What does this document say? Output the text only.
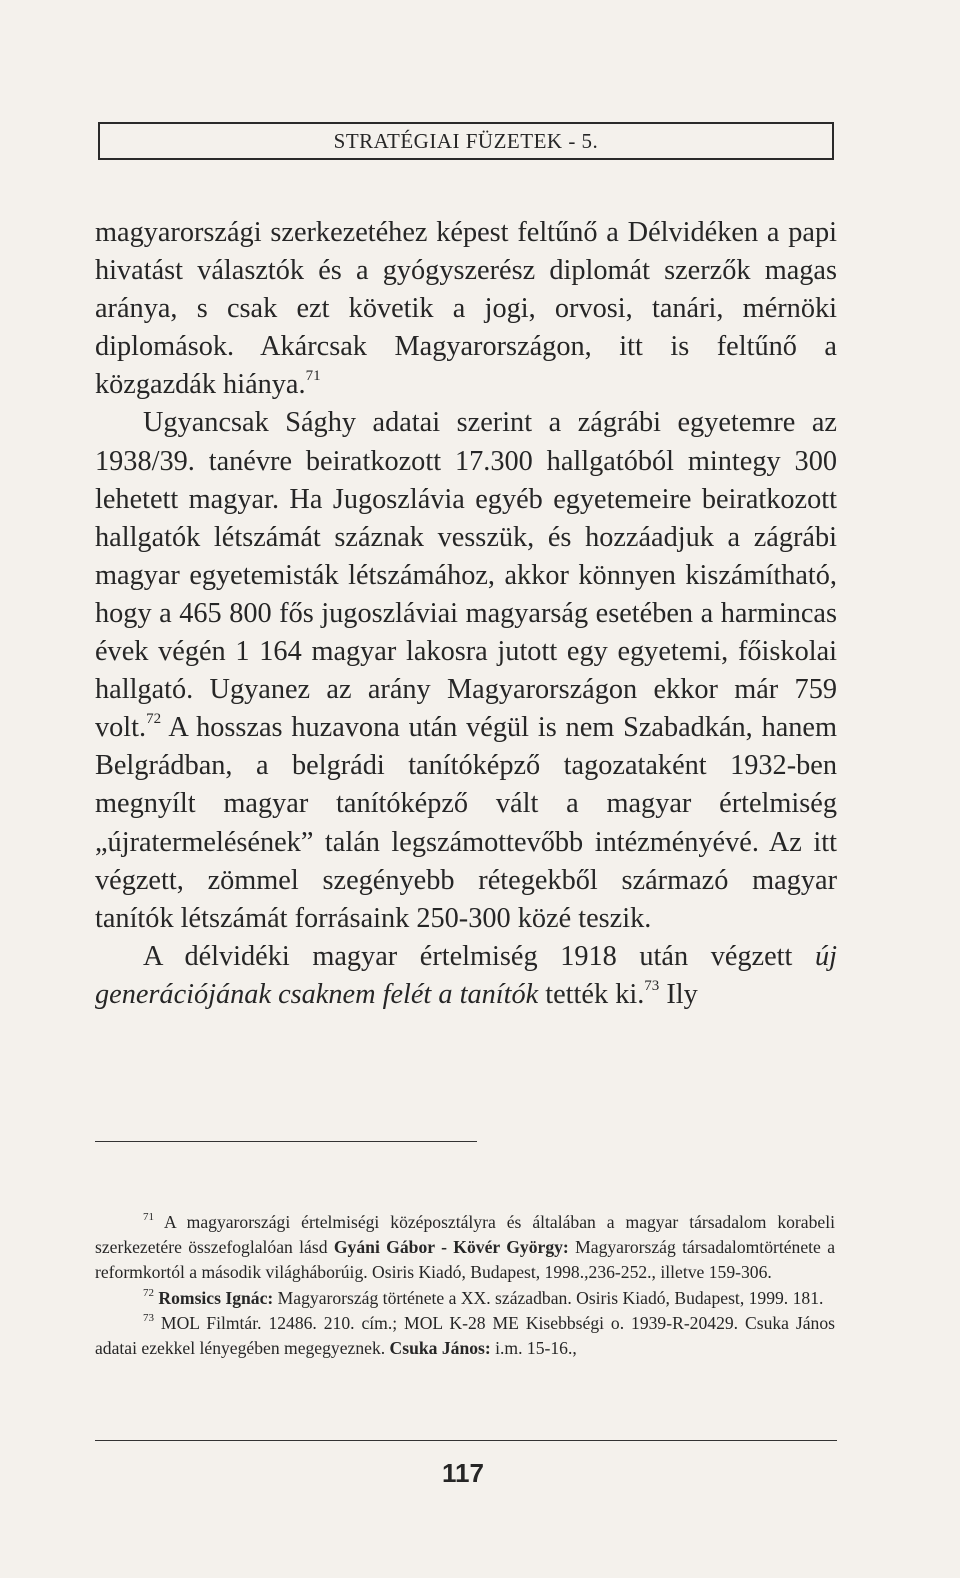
STRATÉGIAI FÜZETEK - 5.

magyarországi szerkezetéhez képest feltűnő a Délvidéken a papi hivatást választók és a gyógyszerész diplomát szerzők magas aránya, s csak ezt követik a jogi, orvosi, tanári, mérnöki diplomások. Akárcsak Magyarországon, itt is feltűnő a közgazdák hiánya.$^{71}$

Ugyancsak Sághy adatai szerint a zágrábi egyetemre az 1938/39. tanévre beiratkozott 17.300 hallgatóból mintegy 300 lehetett magyar. Ha Jugoszlávia egyéb egyetemeire beiratkozott hallgatók létszámát száznak vesszük, és hozzáadjuk a zágrábi magyar egyetemisták létszámához, akkor könnyen kiszámítható, hogy a 465 800 fős jugoszláviai magyarság esetében a harmincas évek végén 1 164 magyar lakosra jutott egy egyetemi, főiskolai hallgató. Ugyanez az arány Magyarországon ekkor már 759 volt.$^{72}$ A hosszas huzavona után végül is nem Szabadkán, hanem Belgrádban, a belgrádi tanítóképző tagozataként 1932-ben megnyílt magyar tanítóképző vált a magyar értelmiség „újratermelésének” talán legszámottevőbb intézményévé. Az itt végzett, zömmel szegényebb rétegekből származó magyar tanítók létszámát forrásaink 250-300 közé teszik.

A délvidéki magyar értelmiség 1918 után végzett új generációjának csaknem felét a tanítók tették ki.$^{73}$ Ily

$^{71}$ A magyarországi értelmiségi középosztályra és általában a magyar társadalom korabeli szerkezetére összefoglalóan lásd Gyáni Gábor - Kövér György: Magyarország társadalomtörténete a reformkortól a második világháborúig. Osiris Kiadó, Budapest, 1998.,236-252., illetve 159-306.

$^{72}$ Romsics Ignác: Magyarország története a XX. században. Osiris Kiadó, Budapest, 1999. 181.

$^{73}$ MOL Filmtár. 12486. 210. cím.; MOL K-28 ME Kisebbségi o. 1939-R-20429. Csuka János adatai ezekkel lényegében megegyeznek. Csuka János: i.m. 15-16.,

117
